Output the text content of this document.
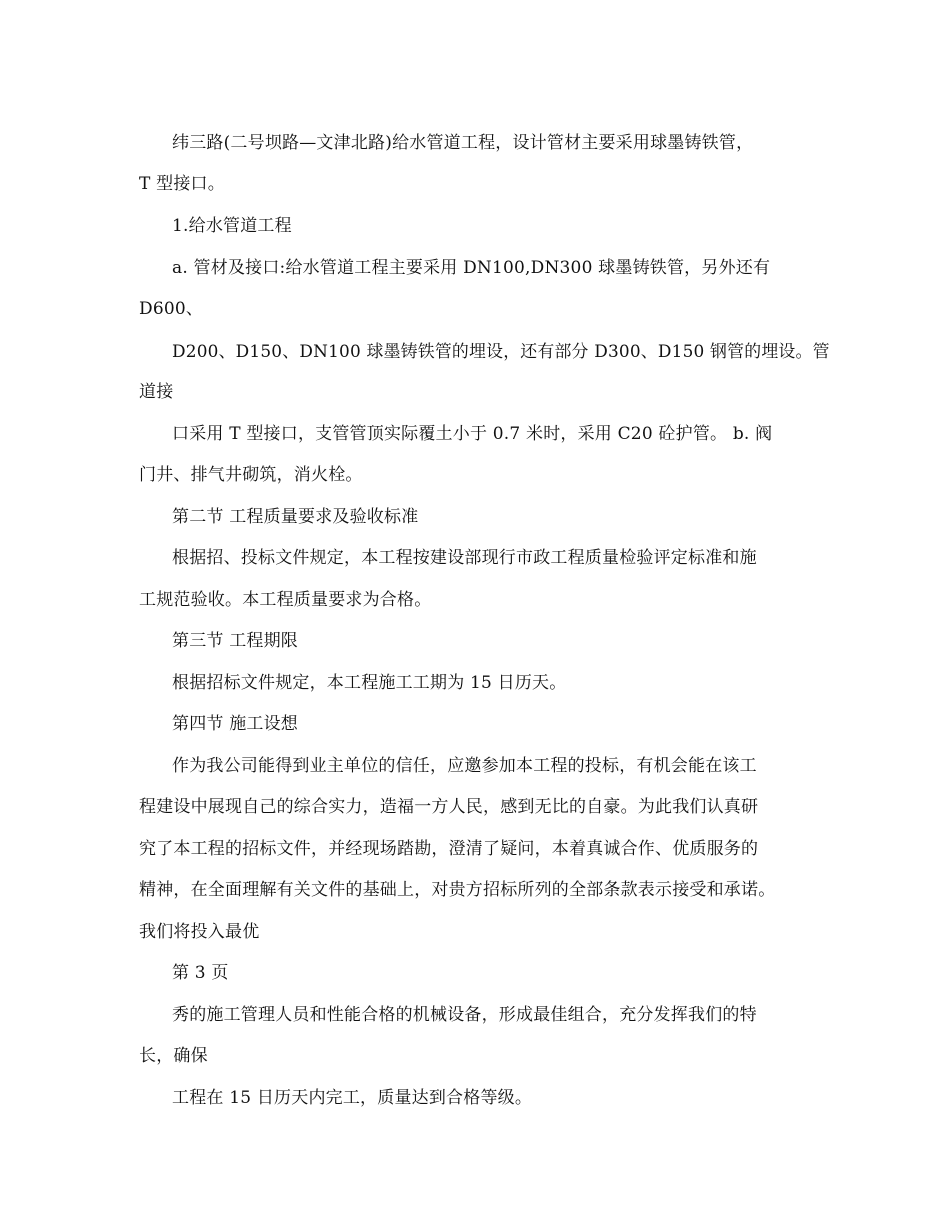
纬三路(二号坝路—文津北路)给水管道工程，设计管材主要采用球墨铸铁管，
T 型接口。
1.给水管道工程
a. 管材及接口:给水管道工程主要采用 DN100,DN300 球墨铸铁管，另外还有
D600、
D200、D150、DN100 球墨铸铁管的埋设，还有部分 D300、D150 钢管的埋设。管
道接
口采用 T 型接口，支管管顶实际覆土小于 0.7 米时，采用 C20 砼护管。 b. 阀
门井、排气井砌筑，消火栓。
第二节 工程质量要求及验收标准
根据招、投标文件规定，本工程按建设部现行市政工程质量检验评定标准和施
工规范验收。本工程质量要求为合格。
第三节 工程期限
根据招标文件规定，本工程施工工期为 15 日历天。
第四节 施工设想
作为我公司能得到业主单位的信任，应邀参加本工程的投标，有机会能在该工
程建设中展现自己的综合实力，造福一方人民，感到无比的自豪。为此我们认真研
究了本工程的招标文件，并经现场踏勘，澄清了疑问，本着真诚合作、优质服务的
精神，在全面理解有关文件的基础上，对贵方招标所列的全部条款表示接受和承诺。
我们将投入最优
第 3 页
秀的施工管理人员和性能合格的机械设备，形成最佳组合，充分发挥我们的特
长，确保
工程在 15 日历天内完工，质量达到合格等级。
